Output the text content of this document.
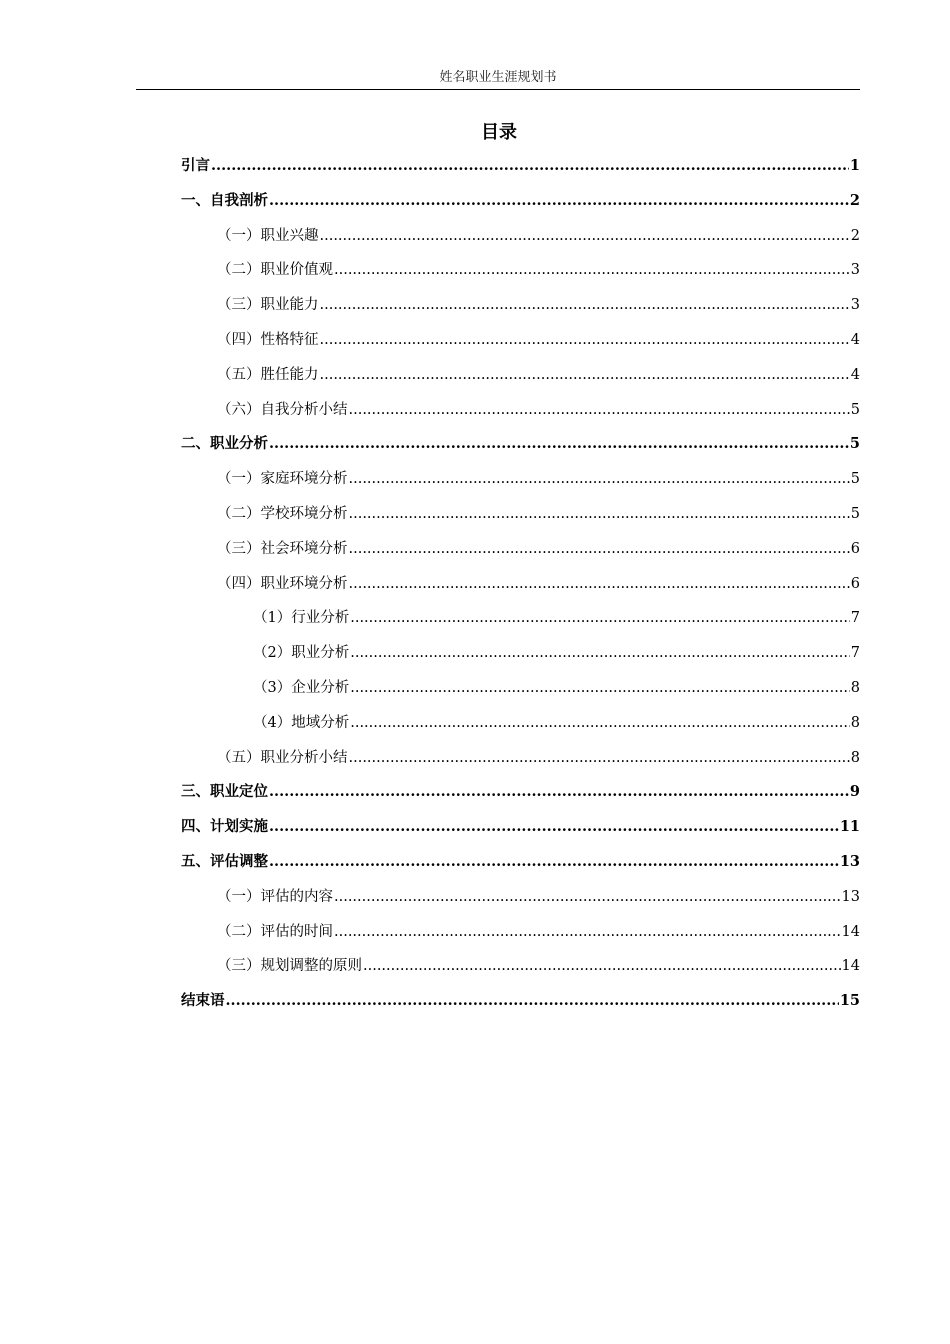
姓名职业生涯规划书
目录
引言 .....	1
一、自我剖析 .....	2
（一）职业兴趣 .....	2
（二）职业价值观 .....	3
（三）职业能力 .....	3
（四）性格特征 .....	4
（五）胜任能力 .....	4
（六）自我分析小结 .....	5
二、职业分析 .....	5
（一）家庭环境分析 .....	5
（二）学校环境分析 .....	5
（三）社会环境分析 .....	6
（四）职业环境分析 .....	6
（1）行业分析 .....	7
（2）职业分析 .....	7
（3）企业分析 .....	8
（4）地域分析 .....	8
（五）职业分析小结 .....	8
三、职业定位 .....	9
四、计划实施 .....	11
五、评估调整 .....	13
（一）评估的内容 .....	13
（二）评估的时间 .....	14
（三）规划调整的原则 .....	14
结束语 .....	15
